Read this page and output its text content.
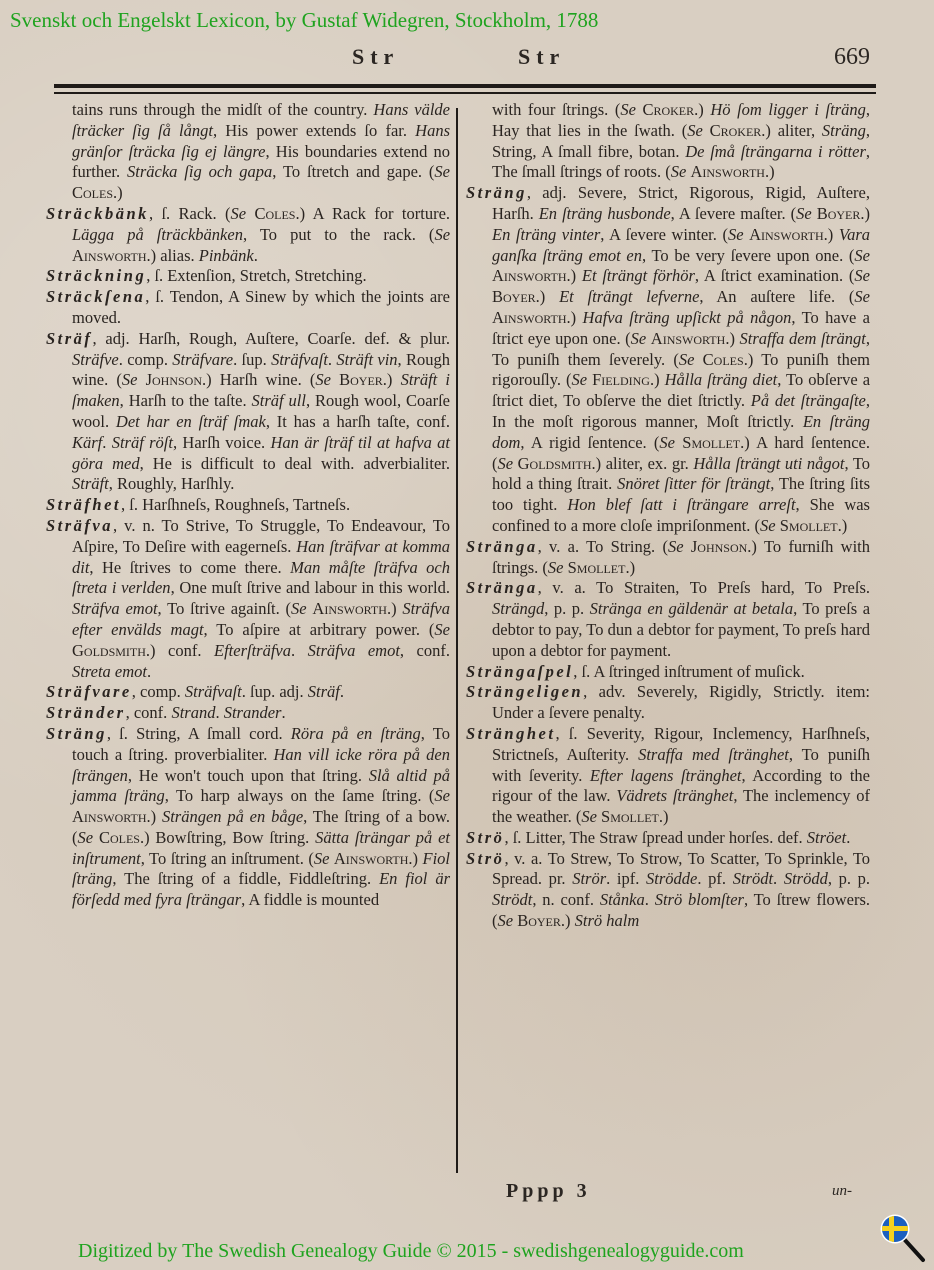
Svenskt och Engelskt Lexicon, by Gustaf Widegren, Stockholm, 1788
Str	Str	669

tains runs through the midſt of the country. Hans välde ſträcker ſig ſå långt, His power extends ſo far. Hans gränſor ſträcka ſig ej längre, His boundaries extend no further. Sträcka ſig och gapa, To ſtretch and gape. (Se Coles.)

Sträckbänk, ſ. Rack. (Se Coles.) A Rack for torture. Lägga på ſträckbänken, To put to the rack. (Se Ainsworth.) alias. Pinbänk.

Sträckning, ſ. Extenſion, Stretch, Stretching.

Sträckſena, ſ. Tendon, A Sinew by which the joints are moved.

Sträf, adj. Harſh, Rough, Auſtere, Coarſe. def. & plur. Sträfve. comp. Sträfvare. ſup. Sträfvaſt. Sträft vin, Rough wine. (Se Johnson.) Harſh wine. (Se Boyer.) Sträft i ſmaken, Harſh to the taſte. Sträf ull, Rough wool, Coarſe wool. Det har en ſträf ſmak, It has a harſh taſte, conf. Kärf. Sträf röſt, Harſh voice. Han är ſträf til at hafva at göra med, He is difficult to deal with. adverbialiter. Sträft, Roughly, Harſhly.

Sträfhet, ſ. Harſhneſs, Roughneſs, Tartneſs.

Sträfva, v. n. To Strive, To Struggle, To Endeavour, To Aſpire, To Deſire with eagerneſs. Han ſträfvar at komma dit, He ſtrives to come there. Man måſte ſträfva och ſtreta i verlden, One muſt ſtrive and labour in this world. Sträfva emot, To ſtrive againſt. (Se Ainsworth.) Sträfva efter envälds magt, To aſpire at arbitrary power. (Se Goldsmith.) conf. Efterſträfva. Sträfva emot, conf. Streta emot.

Sträfvare, comp. Sträfvaſt. ſup. adj. Sträf.

Stränder, conf. Strand. Strander.

Sträng, ſ. String, A ſmall cord. Röra på en ſträng, To touch a ſtring. proverbialiter. Han vill icke röra på den ſträngen, He won't touch upon that ſtring. Slå altid på jamma ſträng, To harp always on the ſame ſtring. (Se Ainsworth.) Strängen på en båge, The ſtring of a bow. (Se Coles.) Bowſtring, Bow ſtring. Sätta ſträngar på et inſtrument, To ſtring an inſtrument. (Se Ainsworth.) Fiol ſträng, The ſtring of a fiddle, Fiddleſtring. En fiol är förſedd med fyra ſträngar, A fiddle is mounted

with four ſtrings. (Se Croker.) Hö ſom ligger i ſträng, Hay that lies in the ſwath. (Se Croker.) aliter, Sträng, String, A ſmall fibre, botan. De ſmå ſträngarna i rötter, The ſmall ſtrings of roots. (Se Ainsworth.)

Sträng, adj. Severe, Strict, Rigorous, Rigid, Auſtere, Harſh. En ſträng husbonde, A ſevere maſter. (Se Boyer.) En ſträng vinter, A ſevere winter. (Se Ainsworth.) Vara ganſka ſträng emot en, To be very ſevere upon one. (Se Ainsworth.) Et ſträngt förhör, A ſtrict examination. (Se Boyer.) Et ſträngt lefverne, An auſtere life. (Se Ainsworth.) Hafva ſträng upſickt på någon, To have a ſtrict eye upon one. (Se Ainsworth.) Straffa dem ſträngt, To puniſh them ſeverely. (Se Coles.) To puniſh them rigorouſly. (Se Fielding.) Hålla ſträng diet, To obſerve a ſtrict diet, To obſerve the diet ſtrictly. På det ſträngaſte, In the moſt rigorous manner, Moſt ſtrictly. En ſträng dom, A rigid ſentence. (Se Smollet.) A hard ſentence. (Se Goldsmith.) aliter, ex. gr. Hålla ſträngt uti något, To hold a thing ſtrait. Snöret ſitter för ſträngt, The ſtring ſits too tight. Hon blef ſatt i ſträngare arreſt, She was confined to a more cloſe impriſonment. (Se Smollet.)

Stränga, v. a. To String. (Se Johnson.) To furniſh with ſtrings. (Se Smollet.)

Stränga, v. a. To Straiten, To Preſs hard, To Preſs. Strängd, p. p. Stränga en gäldenär at betala, To preſs a debtor to pay, To dun a debtor for payment, To preſs hard upon a debtor for payment.

Strängaſpel, ſ. A ſtringed inſtrument of muſick.

Strängeligen, adv. Severely, Rigidly, Strictly. item: Under a ſevere penalty.

Stränghet, ſ. Severity, Rigour, Inclemency, Harſhneſs, Strictneſs, Auſterity. Straffa med ſtränghet, To puniſh with ſeverity. Efter lagens ſtränghet, According to the rigour of the law. Vädrets ſtränghet, The inclemency of the weather. (Se Smollet.)

Strö, ſ. Litter, The Straw ſpread under horſes. def. Ströet.

Strö, v. a. To Strew, To Strow, To Scatter, To Sprinkle, To Spread. pr. Strör. ipf. Strödde. pf. Strödt. Strödd, p. p. Strödt, n. conf. Stånka. Strö blomſter, To ſtrew flowers. (Se Boyer.) Strö halm

Pppp 3	un-
Digitized by The Swedish Genealogy Guide © 2015 - swedishgenealogyguide.com
